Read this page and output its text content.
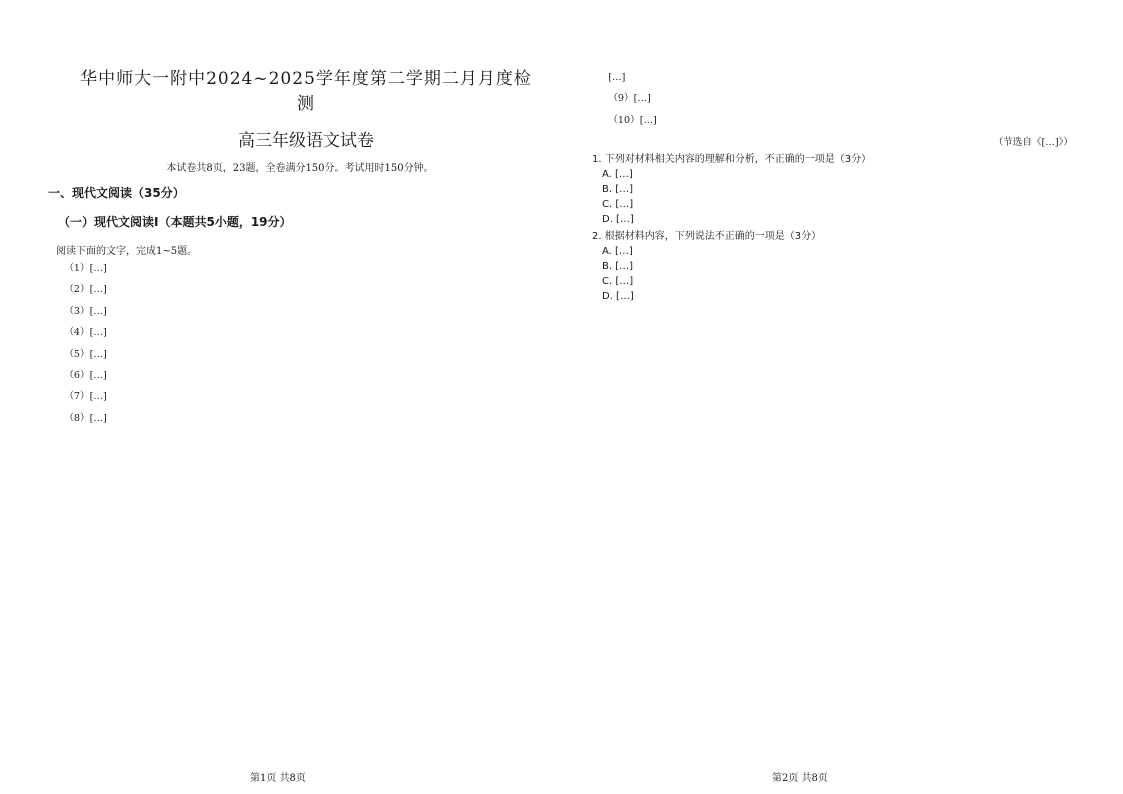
华中师大一附中2024~2025学年度第二学期二月月度检测
高三年级语文试卷
本试卷共8页，23题，全卷满分150分。考试用时150分钟。
一、现代文阅读（35分）
（一）现代文阅读Ⅰ（本题共5小题，19分）
阅读下面的文字，完成1~5题。

（1）[…]

（2）[…]

（3）[…]

（4）[…]

（5）[…]

（6）[…]

（7）[…]

（8）[…]

第1页 共8页

[…]

（9）[…]

（10）[…]

（节选自《[…]》）
1. 下列对材料相关内容的理解和分析，不正确的一项是（3分）
A. […]
B. […]
C. […]
D. […]
2. 根据材料内容，下列说法不正确的一项是（3分）
A. […]
B. […]
C. […]
D. […]
第2页 共8页
